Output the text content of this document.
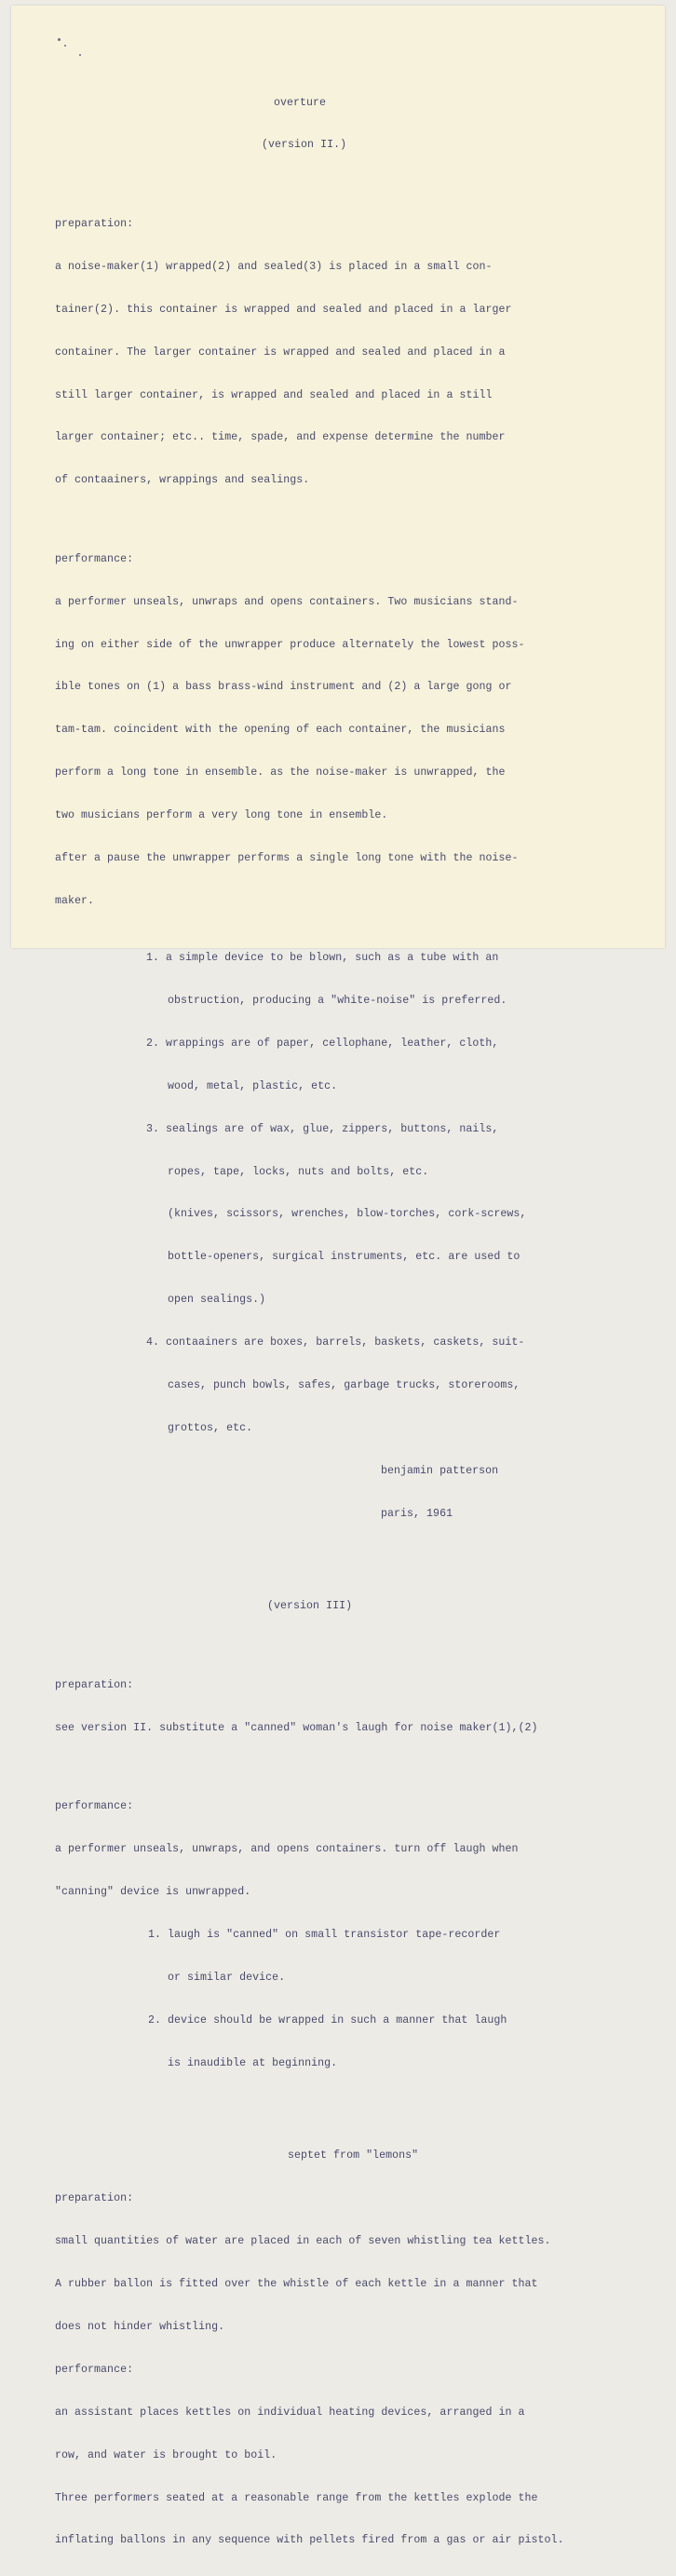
overture

(version II.)

preparation:

a noise-maker(1) wrapped(2) and sealed(3) is placed in a small con-

tainer(2). this container is wrapped and sealed and placed in a larger

container. The larger container is wrapped and sealed and placed in a

still larger container, is wrapped and sealed and placed in a still

larger container; etc.. time, spade, and expense determine the number

of contaainers, wrappings and sealings.

performance:

a performer unseals, unwraps and opens containers. Two musicians stand-

ing on either side of the unwrapper produce alternately the lowest poss-

ible tones on (1) a bass brass-wind instrument and (2) a large gong or

tam-tam. coincident with the opening of each container, the musicians

perform a long tone in ensemble. as the noise-maker is unwrapped, the

two musicians perform a very long tone in ensemble.

after a pause the unwrapper performs a single long tone with the noise-

maker.

1. a simple device to be blown, such as a tube with an

obstruction, producing a "white-noise" is preferred.

2. wrappings are of paper, cellophane, leather, cloth,

wood, metal, plastic, etc.

3. sealings are of wax, glue, zippers, buttons, nails,

ropes, tape, locks, nuts and bolts, etc.

(knives, scissors, wrenches, blow-torches, cork-screws,

bottle-openers, surgical instruments, etc. are used to

open sealings.)

4. contaainers are boxes, barrels, baskets, caskets, suit-

cases, punch bowls, safes, garbage trucks, storerooms,

grottos, etc.

benjamin patterson

paris, 1961

(version III)

preparation:

see version II. substitute a "canned" woman's laugh for noise maker(1),(2)

performance:

a performer unseals, unwraps, and opens containers. turn off laugh when

"canning" device is unwrapped.

1. laugh is "canned" on small transistor tape-recorder

or similar device.

2. device should be wrapped in such a manner that laugh

is inaudible at beginning.

septet from "lemons"

preparation:

small quantities of water are placed in each of seven whistling tea kettles.

A rubber ballon is fitted over the whistle of each kettle in a manner that

does not hinder whistling.

performance:

an assistant places kettles on individual heating devices, arranged in a

row, and water is brought to boil.

Three performers seated at a reasonable range from the kettles explode the

inflating ballons in any sequence with pellets fired from a gas or air pistol.
